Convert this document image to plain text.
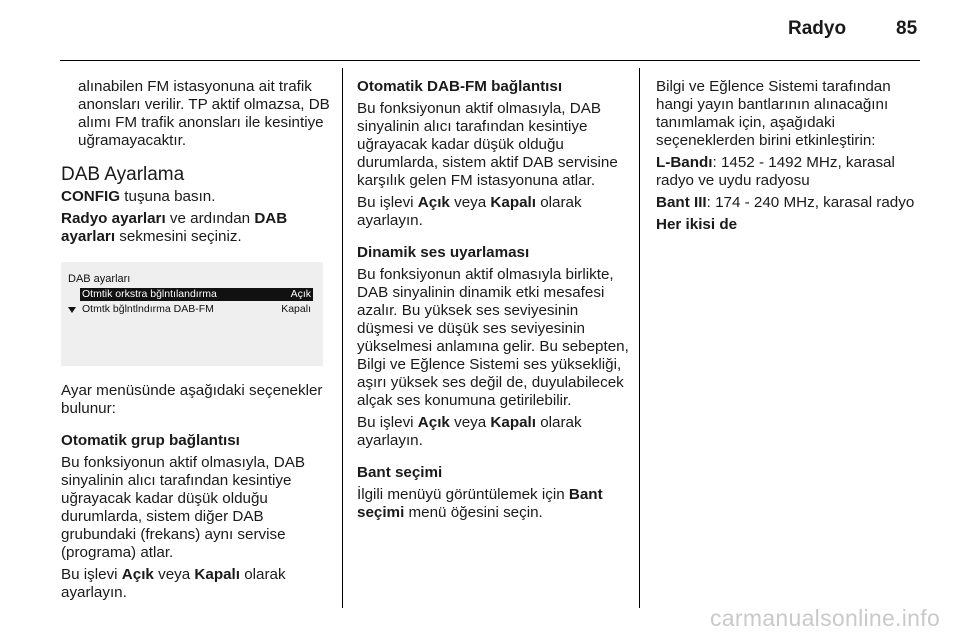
Radyo	85

alınabilen FM istasyonuna ait trafik anonsları verilir. TP aktif olmazsa, DB alımı FM trafik anonsları ile kesintiye uğramayacaktır.

DAB Ayarlama

CONFIG tuşuna basın.

Radyo ayarları ve ardından DAB ayarları sekmesini seçiniz.

DAB ayarları
Otmtik orkstra bğlntılandırma	Açık
Otmtk bğlntlndırma DAB-FM	Kapalı

Ayar menüsünde aşağıdaki seçenekler bulunur:

Otomatik grup bağlantısı

Bu fonksiyonun aktif olmasıyla, DAB sinyalinin alıcı tarafından kesintiye uğrayacak kadar düşük olduğu durumlarda, sistem diğer DAB grubundaki (frekans) aynı servise (programa) atlar.

Bu işlevi Açık veya Kapalı olarak ayarlayın.

Otomatik DAB-FM bağlantısı

Bu fonksiyonun aktif olmasıyla, DAB sinyalinin alıcı tarafından kesintiye uğrayacak kadar düşük olduğu durumlarda, sistem aktif DAB servisine karşılık gelen FM istasyonuna atlar.

Bu işlevi Açık veya Kapalı olarak ayarlayın.

Dinamik ses uyarlaması

Bu fonksiyonun aktif olmasıyla birlikte, DAB sinyalinin dinamik etki mesafesi azalır. Bu yüksek ses seviyesinin düşmesi ve düşük ses seviyesinin yükselmesi anlamına gelir. Bu sebepten, Bilgi ve Eğlence Sistemi ses yüksekliği, aşırı yüksek ses değil de, duyulabilecek alçak ses konumuna getirilebilir.

Bu işlevi Açık veya Kapalı olarak ayarlayın.

Bant seçimi

İlgili menüyü görüntülemek için Bant seçimi menü öğesini seçin.

Bilgi ve Eğlence Sistemi tarafından hangi yayın bantlarının alınacağını tanımlamak için, aşağıdaki seçeneklerden birini etkinleştirin:

L-Bandı: 1452 - 1492 MHz, karasal radyo ve uydu radyosu

Bant III: 174 - 240 MHz, karasal radyo

Her ikisi de

carmanualsonline.info
